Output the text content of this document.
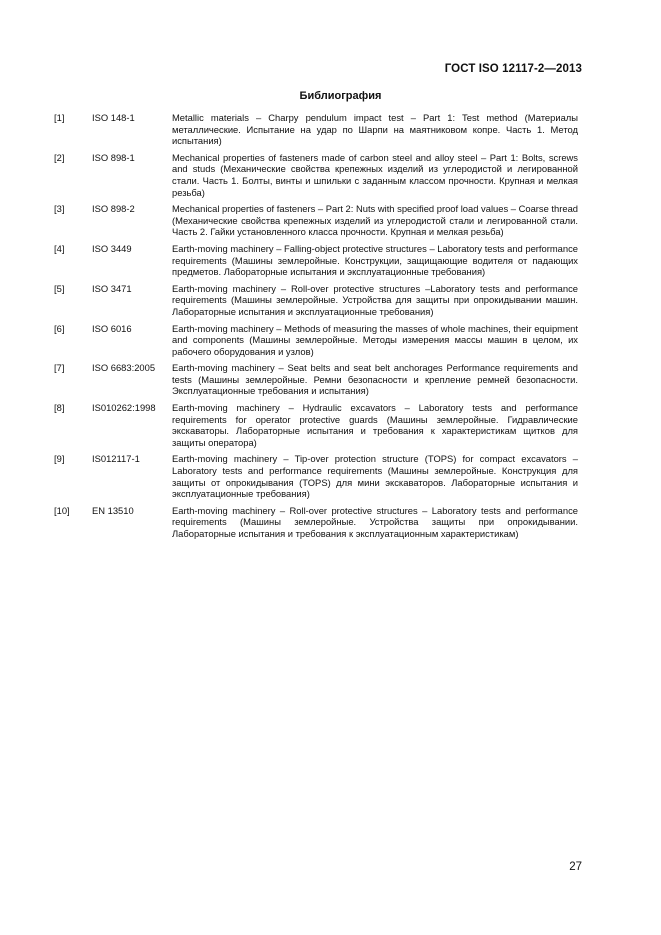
ГОСТ ISO 12117-2—2013
Библиография
[1]	ISO 148-1	Metallic materials – Charpy pendulum impact test – Part 1: Test method (Материалы металлические. Испытание на удар по Шарпи на маятниковом копре. Часть 1. Метод испытания)
[2]	ISO 898-1	Mechanical properties of fasteners made of carbon steel and alloy steel – Part 1: Bolts, screws and studs (Механические свойства крепежных изделий из углеродистой и легированной стали. Часть 1. Болты, винты и шпильки с заданным классом прочности. Крупная и мелкая резьба)
[3]	ISO 898-2	Mechanical properties of fasteners – Part 2: Nuts with specified proof load values – Coarse thread (Механические свойства крепежных изделий из углеродистой стали и легированной стали. Часть 2. Гайки установленного класса прочности. Крупная и мелкая резьба)
[4]	ISO 3449	Earth-moving machinery – Falling-object protective structures – Laboratory tests and performance requirements (Машины землеройные. Конструкции, защищающие водителя от падающих предметов. Лабораторные испытания и эксплуатационные требования)
[5]	ISO 3471	Earth-moving machinery – Roll-over protective structures –Laboratory tests and performance requirements (Машины землеройные. Устройства для защиты при опрокидывании машин. Лабораторные испытания и эксплуатационные требования)
[6]	ISO 6016	Earth-moving machinery – Methods of measuring the masses of whole machines, their equipment and components (Машины землеройные. Методы измерения массы машин в целом, их рабочего оборудования и узлов)
[7]	ISO 6683:2005	Earth-moving machinery – Seat belts and seat belt anchorages Performance requirements and tests (Машины землеройные. Ремни безопасности и крепление ремней безопасности. Эксплуатационные требования и испытания)
[8]	IS010262:1998	Earth-moving machinery – Hydraulic excavators – Laboratory tests and performance requirements for operator protective guards (Машины землеройные. Гидравлические экскаваторы. Лабораторные испытания и требования к характеристикам щитков для защиты оператора)
[9]	IS012117-1	Earth-moving machinery – Tip-over protection structure (TOPS) for compact excavators – Laboratory tests and performance requirements (Машины землеройные. Конструкция для защиты от опрокидывания (TOPS) для мини экскаваторов. Лабораторные испытания и эксплуатационные требования)
[10]	EN 13510	Earth-moving machinery – Roll-over protective structures – Laboratory tests and performance requirements (Машины землеройные. Устройства защиты при опрокидывании. Лабораторные испытания и требования к эксплуатационным характеристикам)
27
